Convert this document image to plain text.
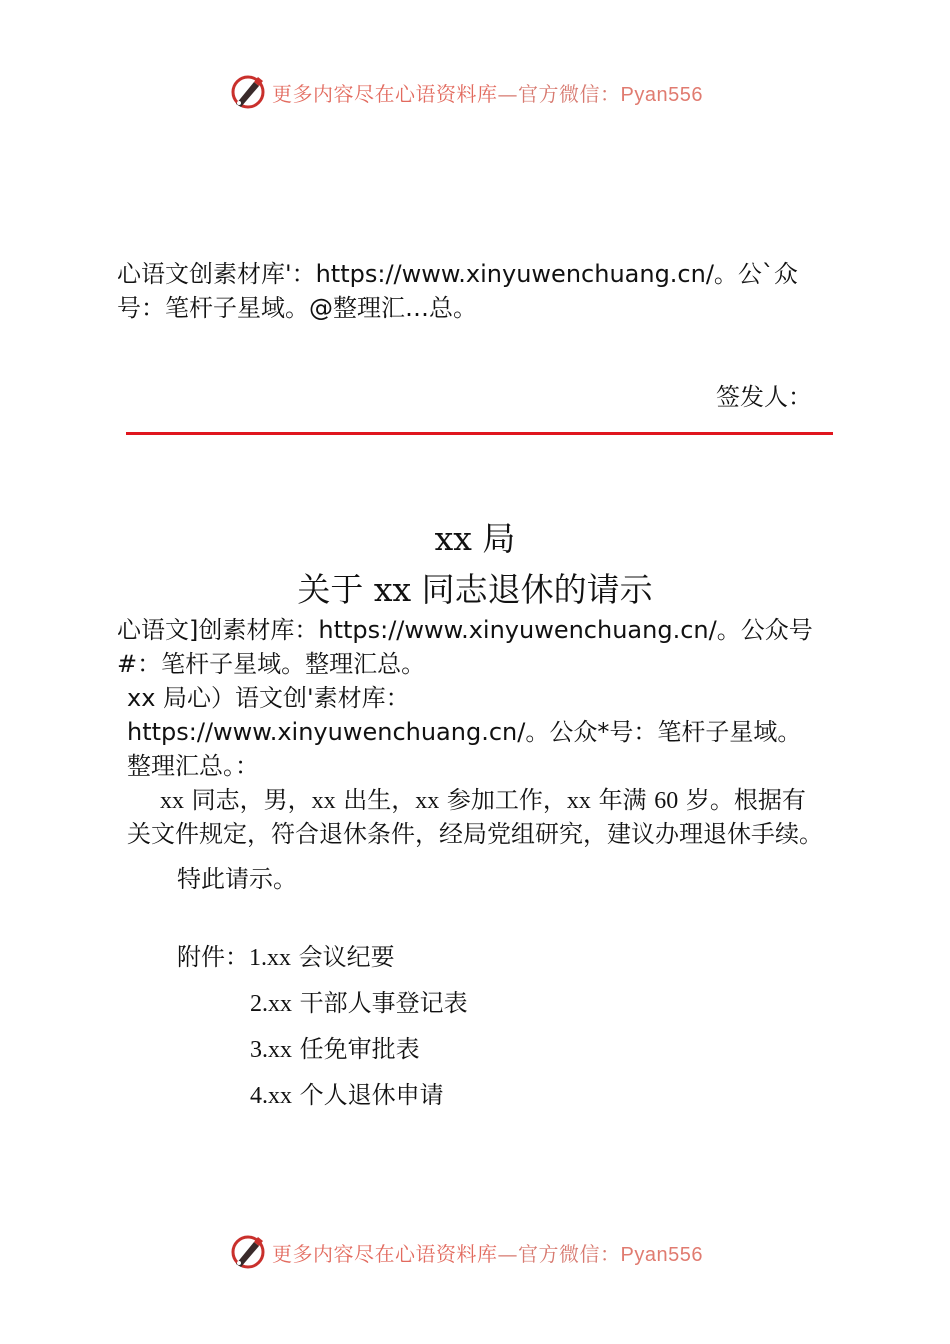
更多内容尽在心语资料库—官方微信：Pyan556
心语文创素材库'：https://www.xinyuwenchuang.cn/。公`众
号：笔杆子星域。@整理汇…总。
签发人：
xx 局
关于 xx 同志退休的请示
心语文]创素材库：https://www.xinyuwenchuang.cn/。公众号
#：笔杆子星域。整理汇总。
xx 局心）语文创'素材库：
https://www.xinyuwenchuang.cn/。公众*号：笔杆子星域。
整理汇总。：
xx 同志，男，xx 出生，xx 参加工作，xx 年满 60 岁。根据有
关文件规定，符合退休条件，经局党组研究，建议办理退休手续。
特此请示。
附件：1.xx 会议纪要
2.xx 干部人事登记表
3.xx 任免审批表
4.xx 个人退休申请
更多内容尽在心语资料库—官方微信：Pyan556
